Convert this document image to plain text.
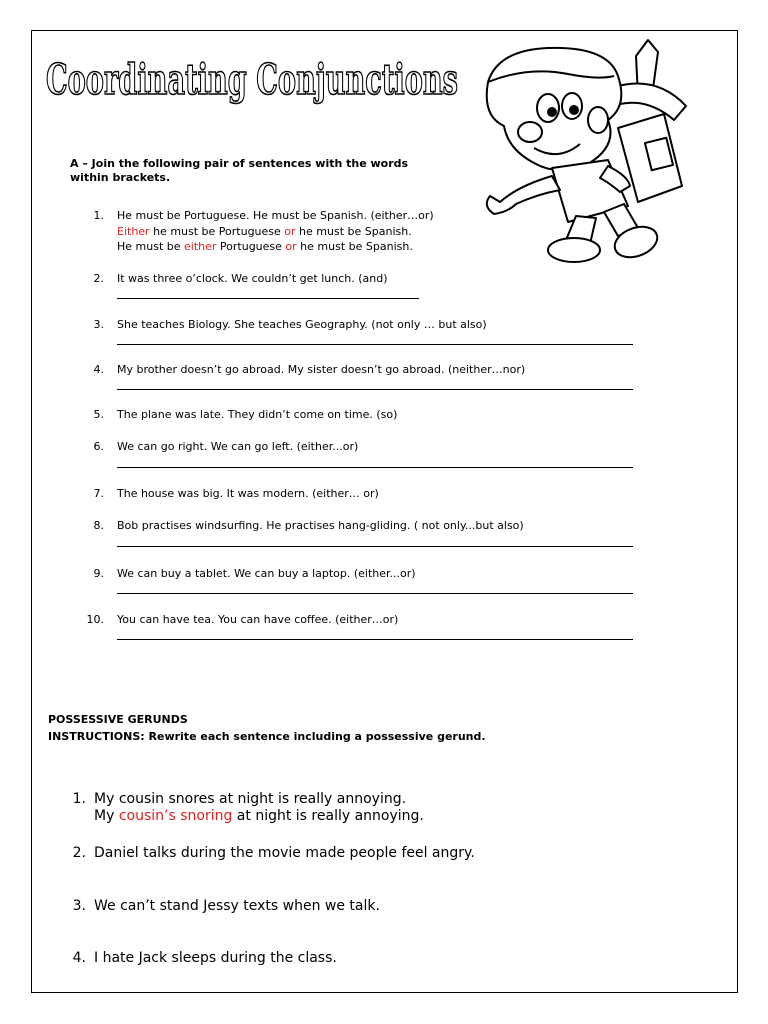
Coordinating Conjunctions
A – Join the following pair of sentences with the words within brackets.
1. He must be Portuguese. He must be Spanish. (either…or)
Either he must be Portuguese or he must be Spanish.
He must be either Portuguese or he must be Spanish.
2. It was three o’clock. We couldn’t get lunch. (and)
3. She teaches Biology. She teaches Geography. (not only … but also)
4. My brother doesn’t go abroad. My sister doesn’t go abroad. (neither…nor)
5. The plane was late. They didn’t come on time. (so)
6. We can go right. We can go left. (either...or)
7. The house was big. It was modern. (either… or)
8. Bob practises windsurfing. He practises hang-gliding. ( not only...but also)
9. We can buy a tablet. We can buy a laptop. (either...or)
10. You can have tea. You can have coffee. (either…or)
POSSESSIVE GERUNDS
INSTRUCTIONS: Rewrite each sentence including a possessive gerund.
1. My cousin snores at night is really annoying.
My cousin’s snoring at night is really annoying.
2. Daniel talks during the movie made people feel angry.
3. We can’t stand Jessy texts when we talk.
4. I hate Jack sleeps during the class.
